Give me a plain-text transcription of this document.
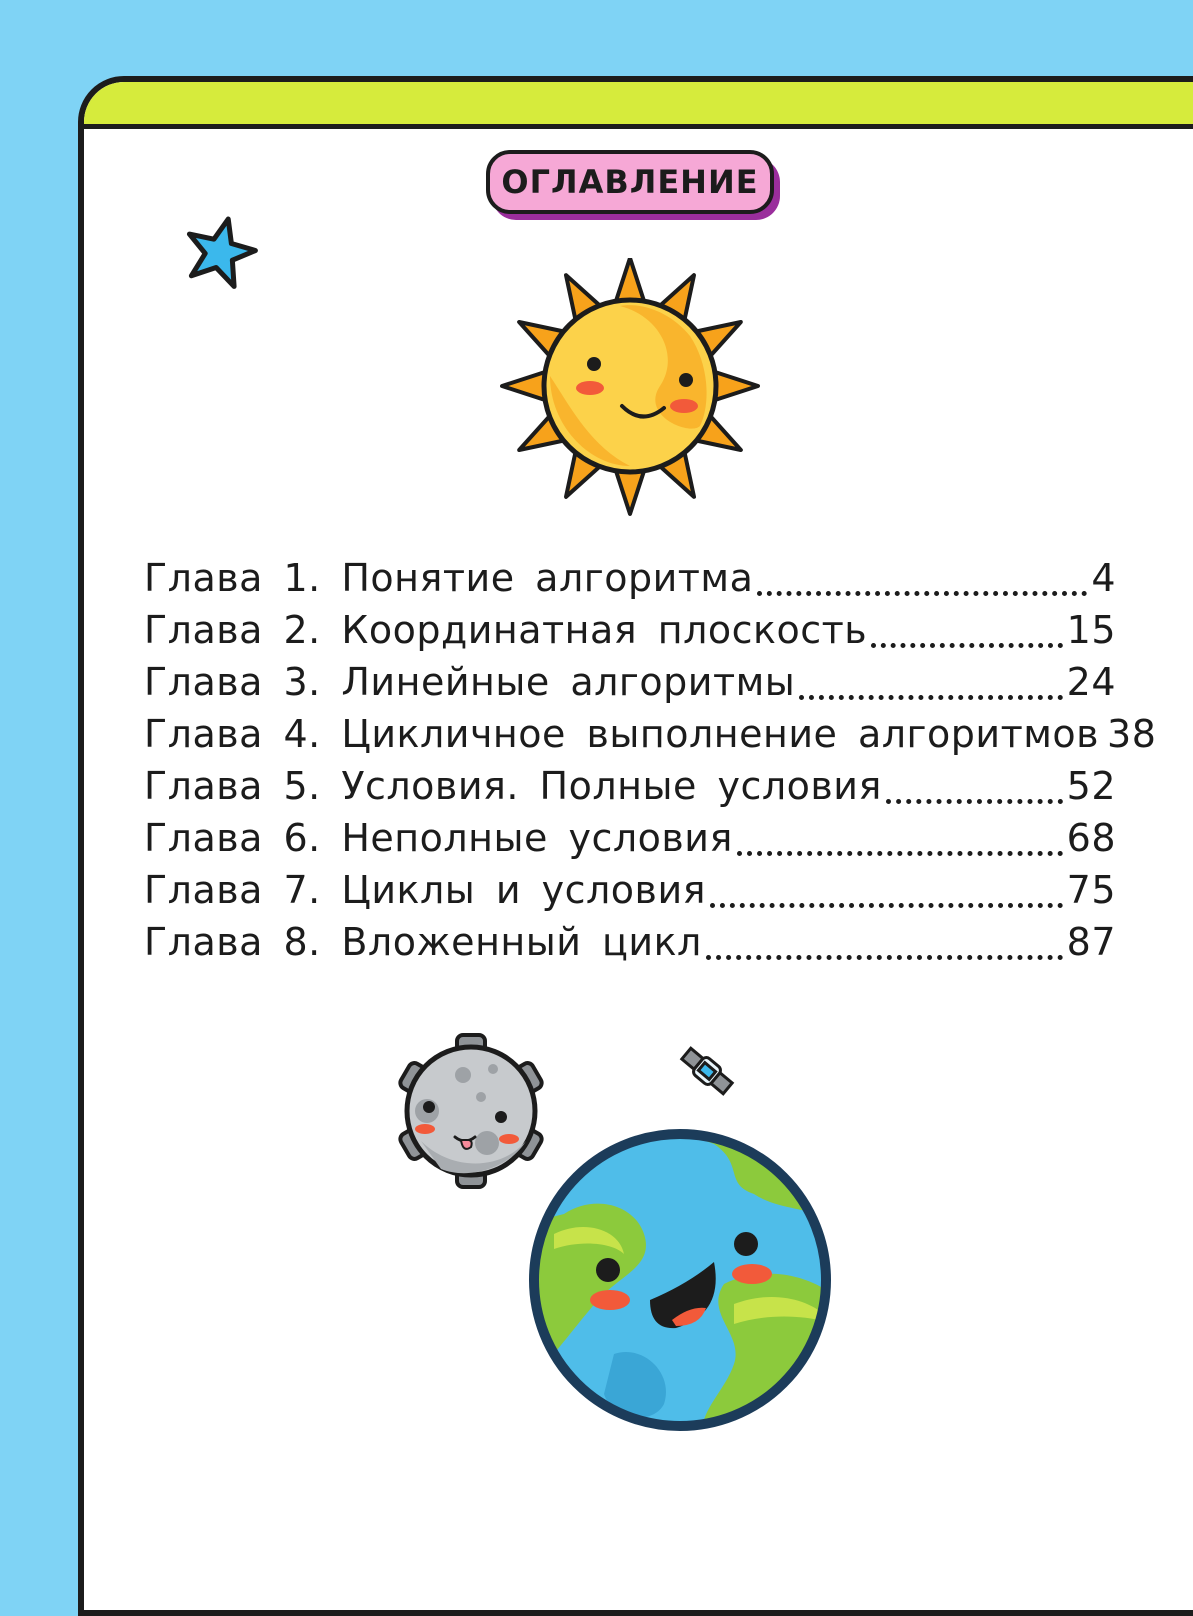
ОГЛАВЛЕНИЕ
Глава 1. Понятие алгоритма	4
Глава 2. Координатная плоскость	15
Глава 3. Линейные алгоритмы	24
Глава 4. Цикличное выполнение алгоритмов 38
Глава 5. Условия. Полные условия	52
Глава 6. Неполные условия	68
Глава 7. Циклы и условия	75
Глава 8. Вложенный цикл	87
